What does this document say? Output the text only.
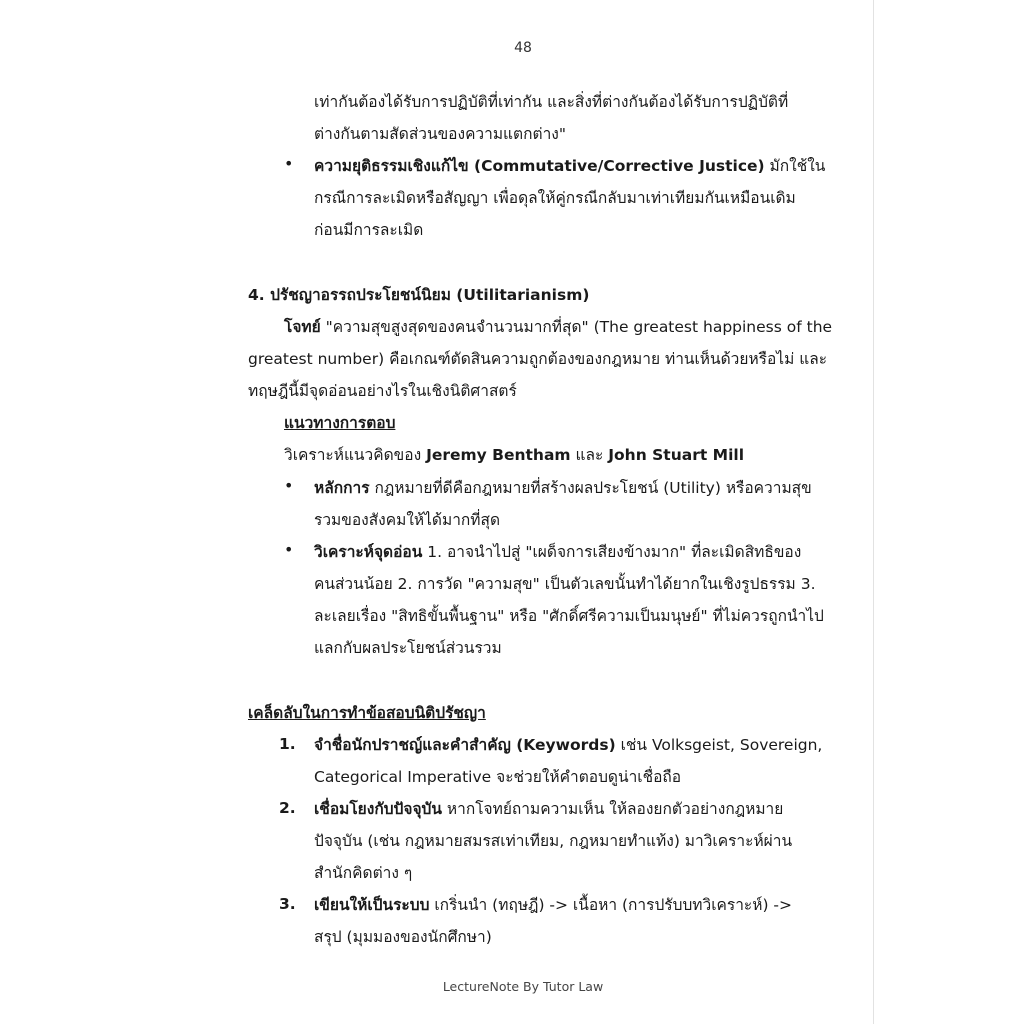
48
เท่ากันต้องได้รับการปฏิบัติที่เท่ากัน และสิ่งที่ต่างกันต้องได้รับการปฏิบัติที่
ต่างกันตามสัดส่วนของความแตกต่าง"
• ความยุติธรรมเชิงแก้ไข (Commutative/Corrective Justice) มักใช้ใน
กรณีการละเมิดหรือสัญญา เพื่อดุลให้คู่กรณีกลับมาเท่าเทียมกันเหมือนเดิม
ก่อนมีการละเมิด
4. ปรัชญาอรรถประโยชน์นิยม (Utilitarianism)
โจทย์ "ความสุขสูงสุดของคนจำนวนมากที่สุด" (The greatest happiness of the
greatest number) คือเกณฑ์ตัดสินความถูกต้องของกฎหมาย ท่านเห็นด้วยหรือไม่ และ
ทฤษฎีนี้มีจุดอ่อนอย่างไรในเชิงนิติศาสตร์
แนวทางการตอบ
วิเคราะห์แนวคิดของ Jeremy Bentham และ John Stuart Mill
• หลักการ กฎหมายที่ดีคือกฎหมายที่สร้างผลประโยชน์ (Utility) หรือความสุข
รวมของสังคมให้ได้มากที่สุด
• วิเคราะห์จุดอ่อน 1. อาจนำไปสู่ "เผด็จการเสียงข้างมาก" ที่ละเมิดสิทธิของ
คนส่วนน้อย 2. การวัด "ความสุข" เป็นตัวเลขนั้นทำได้ยากในเชิงรูปธรรม 3.
ละเลยเรื่อง "สิทธิขั้นพื้นฐาน" หรือ "ศักดิ์ศรีความเป็นมนุษย์" ที่ไม่ควรถูกนำไป
แลกกับผลประโยชน์ส่วนรวม
เคล็ดลับในการทำข้อสอบนิติปรัชญา
1. จำชื่อนักปราชญ์และคำสำคัญ (Keywords) เช่น Volksgeist, Sovereign,
Categorical Imperative จะช่วยให้คำตอบดูน่าเชื่อถือ
2. เชื่อมโยงกับปัจจุบัน หากโจทย์ถามความเห็น ให้ลองยกตัวอย่างกฎหมาย
ปัจจุบัน (เช่น กฎหมายสมรสเท่าเทียม, กฎหมายทำแท้ง) มาวิเคราะห์ผ่าน
สำนักคิดต่าง ๆ
3. เขียนให้เป็นระบบ เกริ่นนำ (ทฤษฎี) -> เนื้อหา (การปรับบทวิเคราะห์) ->
สรุป (มุมมองของนักศึกษา)
LectureNote By Tutor Law
